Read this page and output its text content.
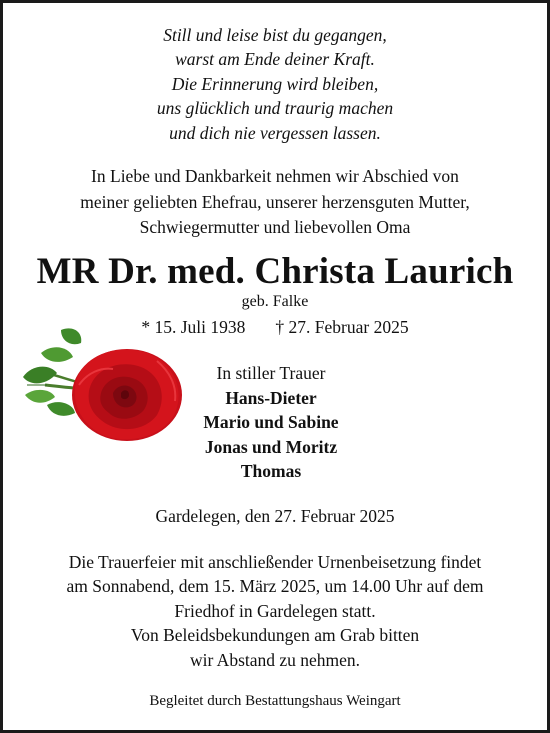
Still und leise bist du gegangen,
warst am Ende deiner Kraft.
Die Erinnerung wird bleiben,
uns glücklich und traurig machen
und dich nie vergessen lassen.
In Liebe und Dankbarkeit nehmen wir Abschied von
meiner geliebten Ehefrau, unserer herzensguten Mutter,
Schwiegermutter und liebevollen Oma
MR Dr. med. Christa Laurich
geb. Falke
* 15. Juli 1938 † 27. Februar 2025
In stiller Trauer
Hans-Dieter
Mario und Sabine
Jonas und Moritz
Thomas
Gardelegen, den 27. Februar 2025
Die Trauerfeier mit anschließender Urnenbeisetzung findet
am Sonnabend, dem 15. März 2025, um 14.00 Uhr auf dem
Friedhof in Gardelegen statt.
Von Beleidsbekundungen am Grab bitten
wir Abstand zu nehmen.
Begleitet durch Bestattungshaus Weingart
